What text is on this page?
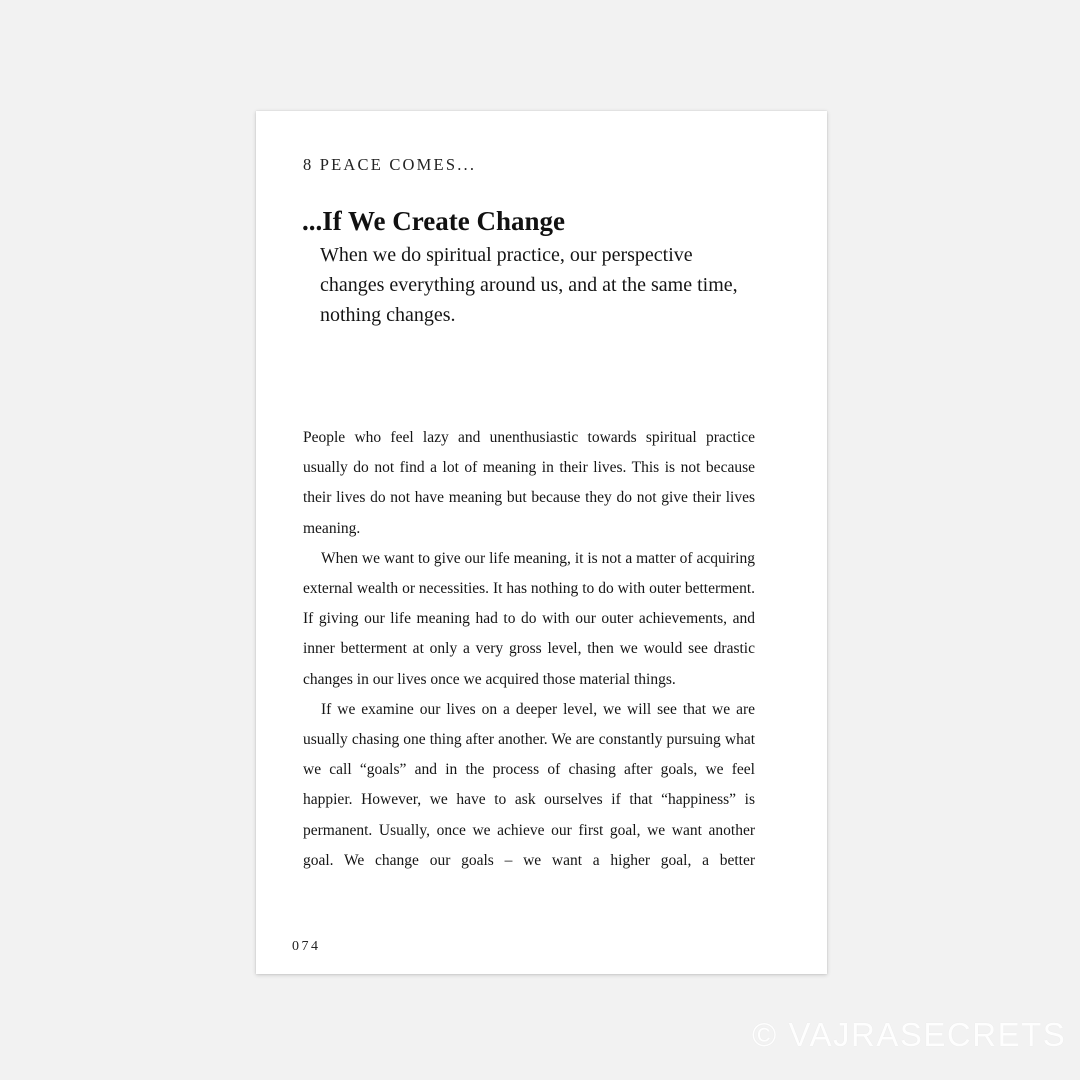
8 PEACE COMES...

...If We Create Change

When we do spiritual practice, our perspective changes everything around us, and at the same time, nothing changes.

People who feel lazy and unenthusiastic towards spiritual practice usually do not find a lot of meaning in their lives. This is not because their lives do not have meaning but because they do not give their lives meaning.

When we want to give our life meaning, it is not a matter of acquiring external wealth or necessities. It has nothing to do with outer betterment. If giving our life meaning had to do with our outer achievements, and inner betterment at only a very gross level, then we would see drastic changes in our lives once we acquired those material things.

If we examine our lives on a deeper level, we will see that we are usually chasing one thing after another. We are constantly pursuing what we call “goals” and in the process of chasing after goals, we feel happier. However, we have to ask ourselves if that “happiness” is permanent. Usually, once we achieve our first goal, we want another goal. We change our goals – we want a higher goal, a better

074
© VAJRASECRETS
